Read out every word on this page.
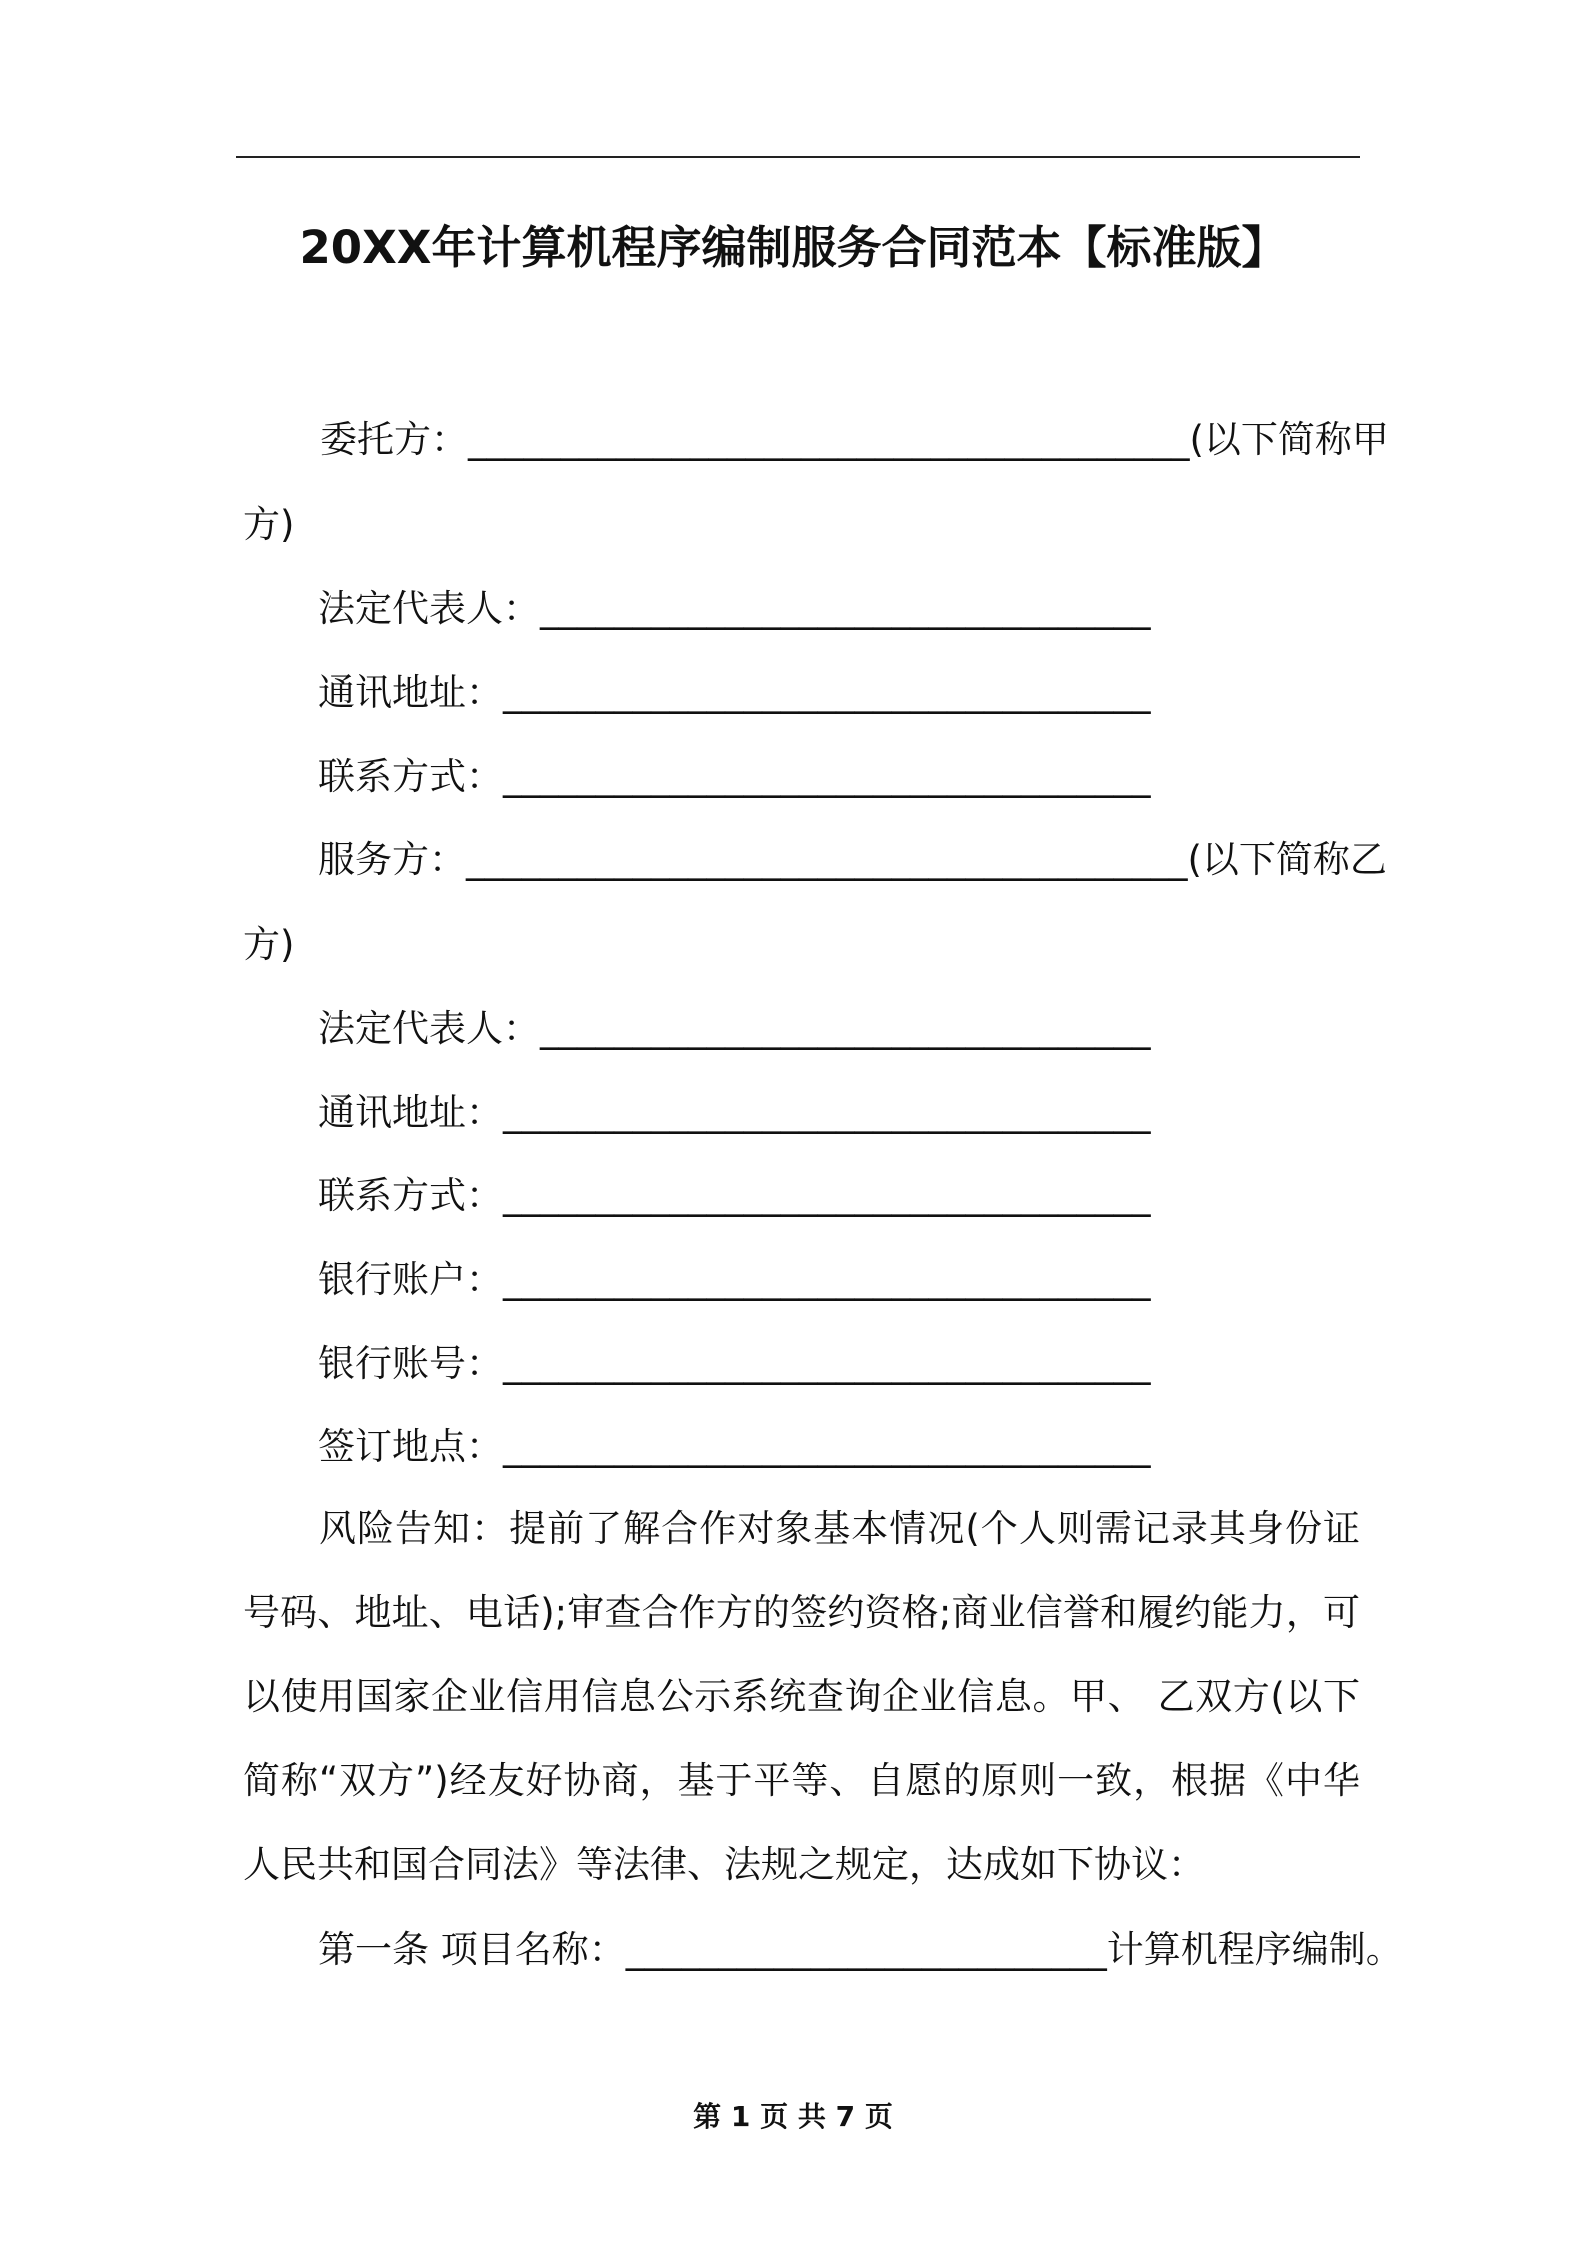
20XX年计算机程序编制服务合同范本【标准版】
委托方：_______________________________________(以下简称甲
方)
法定代表人：_________________________________
通讯地址：___________________________________
联系方式：___________________________________
服务方：_______________________________________(以下简称乙
方)
法定代表人：_________________________________
通讯地址：___________________________________
联系方式：___________________________________
银行账户：___________________________________
银行账号：___________________________________
签订地点：___________________________________
风险告知：提前了解合作对象基本情况(个人则需记录其身份证号码、地址、电话);审查合作方的签约资格;商业信誉和履约能力，可以使用国家企业信用信息公示系统查询企业信息。甲、 乙双方(以下简称“双方”)经友好协商，基于平等、自愿的原则一致，根据《中华人民共和国合同法》等法律、法规之规定，达成如下协议：
第一条 项目名称：__________________________计算机程序编制。
第 1 页 共 7 页
